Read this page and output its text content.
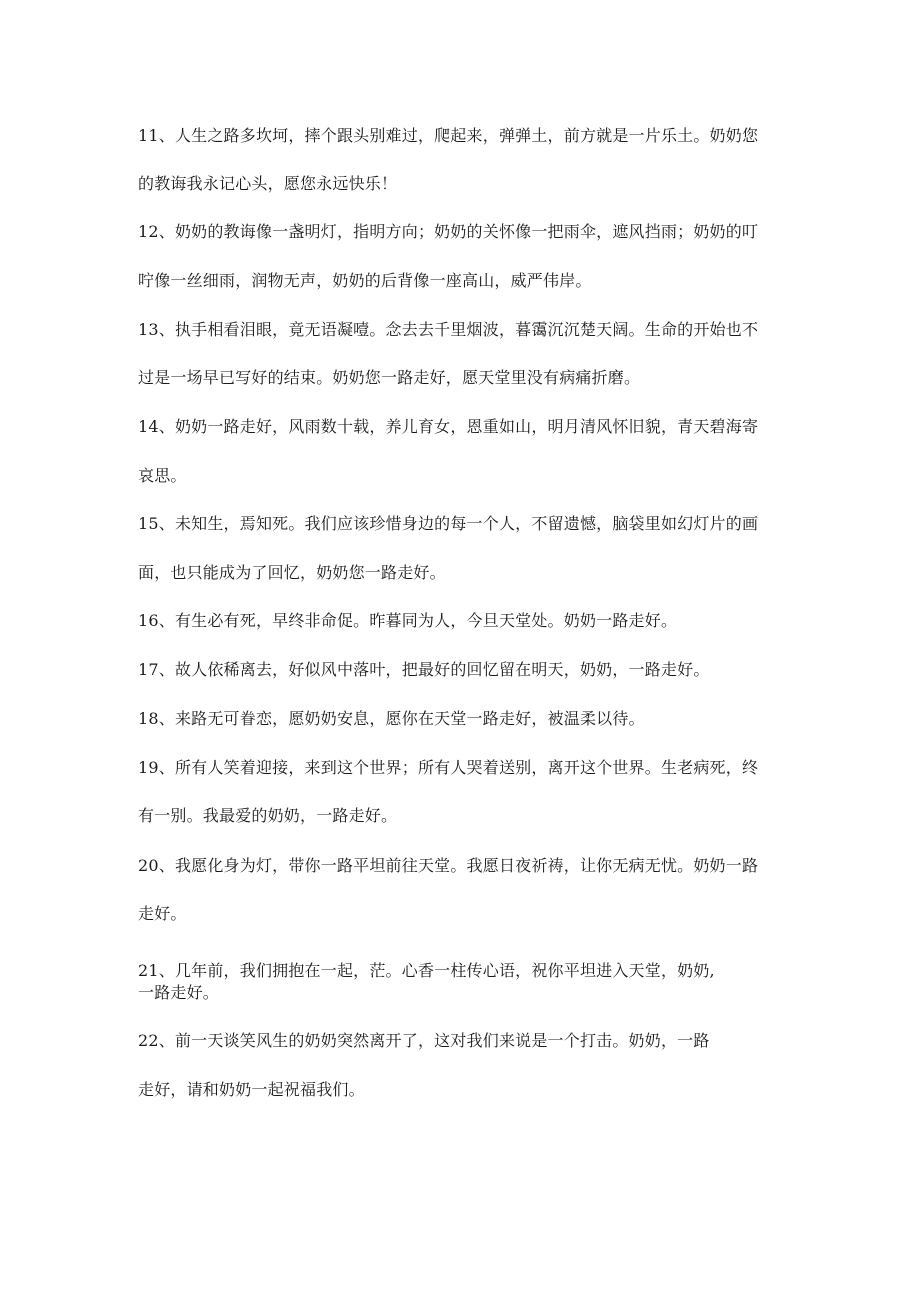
11、人生之路多坎坷，摔个跟头别难过，爬起来，弹弹土，前方就是一片乐土。奶奶您
的教诲我永记心头，愿您永远快乐！
12、奶奶的教诲像一盏明灯，指明方向；奶奶的关怀像一把雨伞，遮风挡雨；奶奶的叮
咛像一丝细雨，润物无声，奶奶的后背像一座高山，威严伟岸。
13、执手相看泪眼，竟无语凝噎。念去去千里烟波，暮霭沉沉楚天阔。生命的开始也不
过是一场早已写好的结束。奶奶您一路走好，愿天堂里没有病痛折磨。
14、奶奶一路走好，风雨数十载，养儿育女，恩重如山，明月清风怀旧貌，青天碧海寄
哀思。
15、未知生，焉知死。我们应该珍惜身边的每一个人，不留遗憾，脑袋里如幻灯片的画
面，也只能成为了回忆，奶奶您一路走好。
16、有生必有死，早终非命促。昨暮同为人，今旦天堂处。奶奶一路走好。
17、故人依稀离去，好似风中落叶，把最好的回忆留在明天，奶奶，一路走好。
18、来路无可眷恋，愿奶奶安息，愿你在天堂一路走好，被温柔以待。
19、所有人笑着迎接，来到这个世界；所有人哭着送别，离开这个世界。生老病死，终
有一别。我最爱的奶奶，一路走好。
20、我愿化身为灯，带你一路平坦前往天堂。我愿日夜祈祷，让你无病无忧。奶奶一路
走好。
21、几年前，我们拥抱在一起，茫。心香一柱传心语，祝你平坦进入天堂，奶奶,
一路走好。
22、前一天谈笑风生的奶奶突然离开了，这对我们来说是一个打击。奶奶，一路
走好，请和奶奶一起祝福我们。
